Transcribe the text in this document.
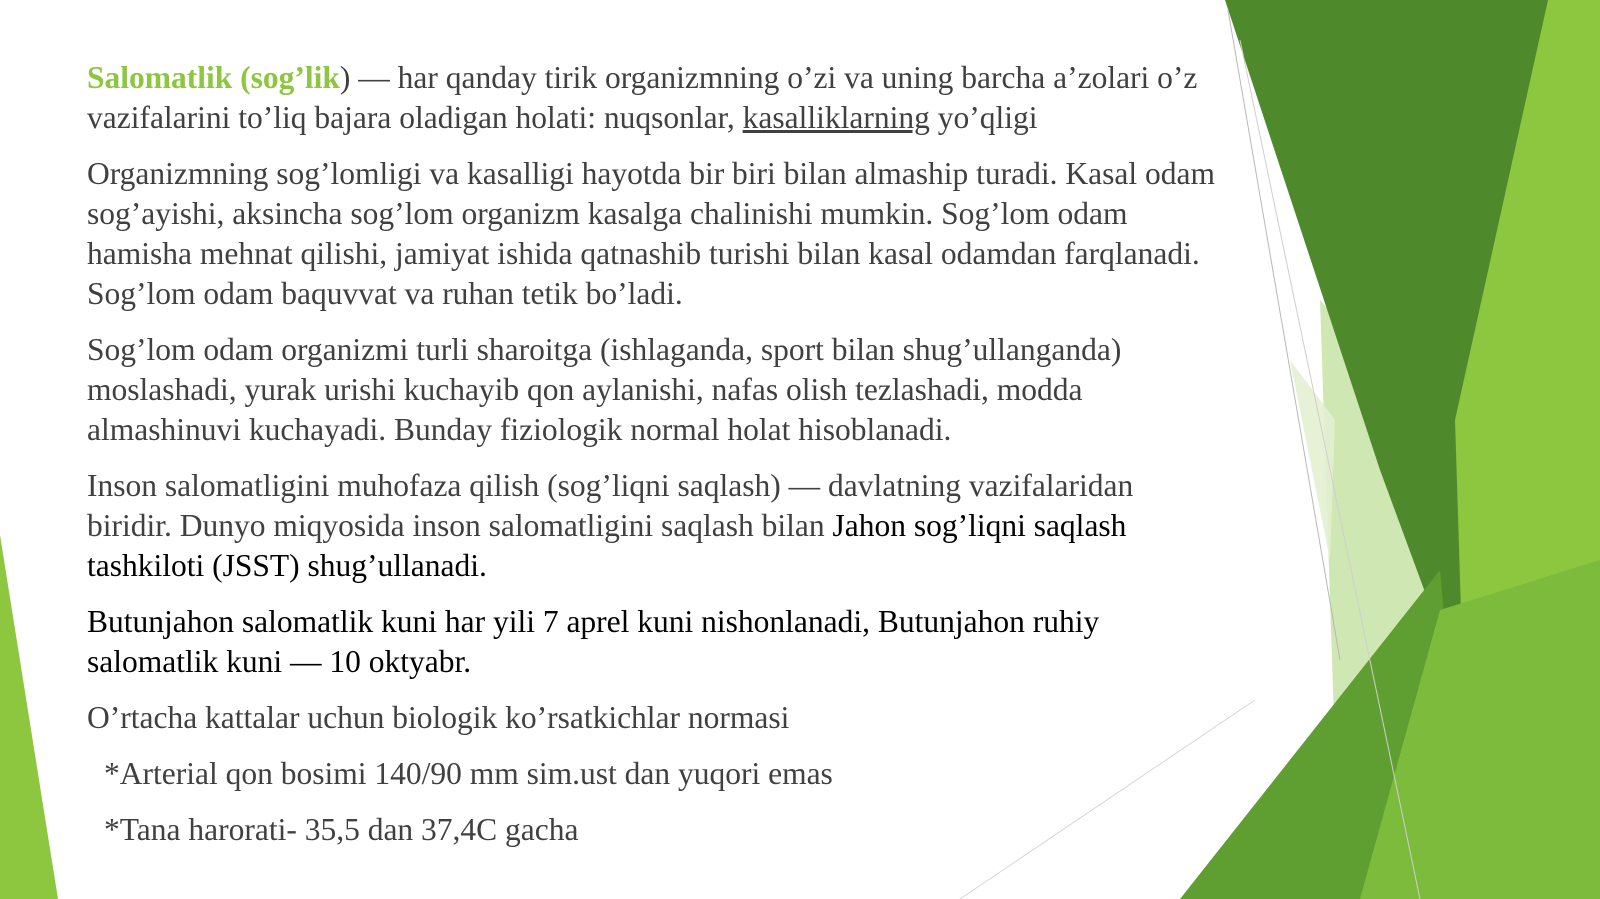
Salomatlik (sog’lik) — har qanday tirik organizmning o’zi va uning barcha a’zolari o’z vazifalarini to’liq bajara oladigan holati: nuqsonlar, kasalliklarning yo’qligi

Organizmning sog’lomligi va kasalligi hayotda bir biri bilan almaship turadi. Kasal odam sog’ayishi, aksincha sog’lom organizm kasalga chalinishi mumkin. Sog’lom odam hamisha mehnat qilishi, jamiyat ishida qatnashib turishi bilan kasal odamdan farqlanadi. Sog’lom odam baquvvat va ruhan tetik bo’ladi.

Sog’lom odam organizmi turli sharoitga (ishlaganda, sport bilan shug’ullanganda) moslashadi, yurak urishi kuchayib qon aylanishi, nafas olish tezlashadi, modda almashinuvi kuchayadi. Bunday fiziologik normal holat hisoblanadi.

Inson salomatligini muhofaza qilish (sog’liqni saqlash) — davlatning vazifalaridan biridir. Dunyo miqyosida inson salomatligini saqlash bilan Jahon sog’liqni saqlash tashkiloti (JSST) shug’ullanadi.

Butunjahon salomatlik kuni har yili 7 aprel kuni nishonlanadi, Butunjahon ruhiy salomatlik kuni — 10 oktyabr.

O’rtacha kattalar uchun biologik ko’rsatkichlar normasi

*Arterial qon bosimi 140/90 mm sim.ust dan yuqori emas

*Tana harorati- 35,5 dan 37,4C gacha
